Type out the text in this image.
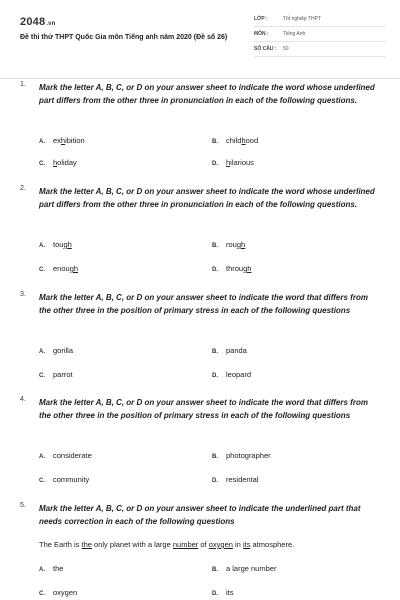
2048.vn
Đề thi thử THPT Quốc Gia môn Tiếng anh năm 2020 (Đề số 26)
LỚP :	Tốt nghiệp THPT
MÔN :	Tiếng Anh
SỐ CÂU :	50
1. Mark the letter A, B, C, or D on your answer sheet to indicate the word whose underlined part differs from the other three in pronunciation in each of the following questions.
A.	ex h ibition	B.	child h ood
C.	h oliday	D.	h ilarious
2. Mark the letter A, B, C, or D on your answer sheet to indicate the word whose underlined part differs from the other three in pronunciation in each of the following questions.
A.	tou gh	B.	rou gh
C.	enou gh	D.	throu gh
3. Mark the letter A, B, C, or D on your answer sheet to indicate the word that differs from the other three in the position of primary stress in each of the following questions
A.	gorilla	B.	panda
C.	parrot	D.	leopard
4. Mark the letter A, B, C, or D on your answer sheet to indicate the word that differs from the other three in the position of primary stress in each of the following questions
A.	considerate	B.	photographer
C.	community	D.	residental
5. Mark the letter A, B, C, or D on your answer sheet to indicate the underlined part that needs correction in each of the following questions
The Earth is the only planet with a large number of oxygen in its atmosphere.
A.	the	B.	a large number
C.	oxygen	D.	its
